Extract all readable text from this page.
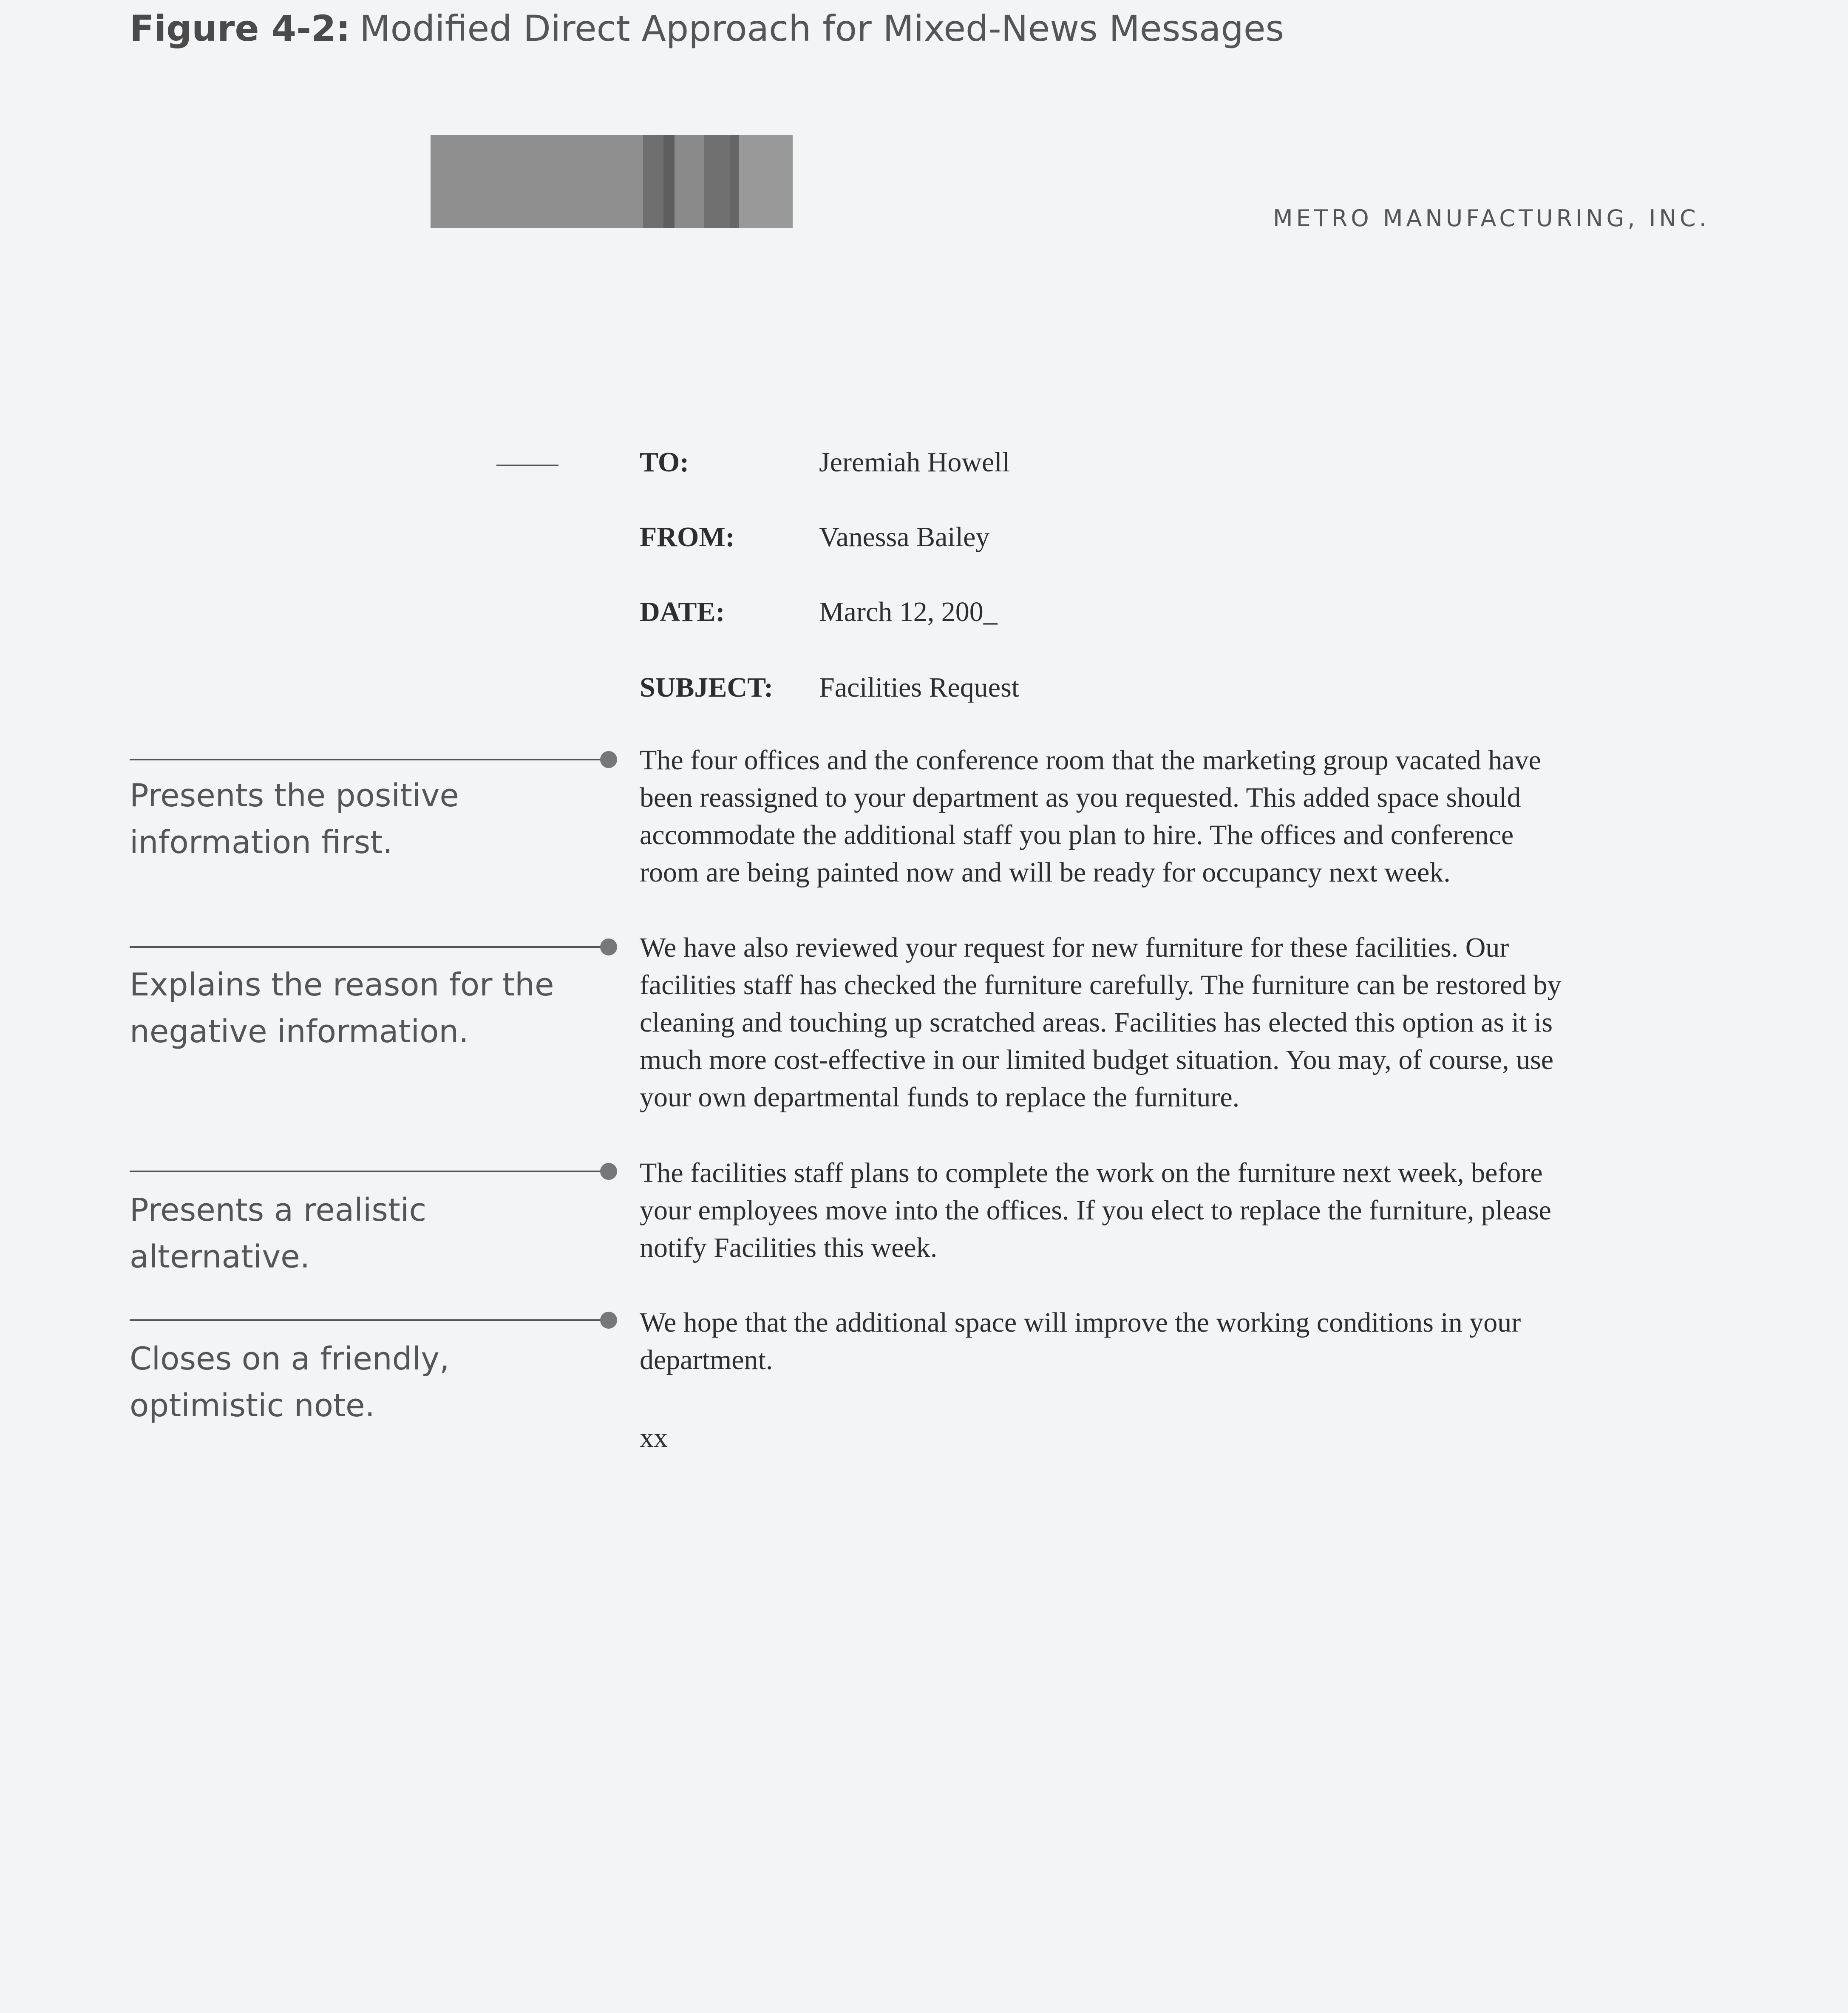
Figure 4-2: Modified Direct Approach for Mixed-News Messages
METRO MANUFACTURING, INC.
TO:	Jeremiah Howell
FROM:	Vanessa Bailey
DATE:	March 12, 200_
SUBJECT: Facilities Request
The four offices and the conference room that the marketing group vacated have
been reassigned to your department as you requested. This added space should
accommodate the additional staff you plan to hire. The offices and conference
room are being painted now and will be ready for occupancy next week.
We have also reviewed your request for new furniture for these facilities. Our
facilities staff has checked the furniture carefully. The furniture can be restored by
cleaning and touching up scratched areas. Facilities has elected this option as it is
much more cost-effective in our limited budget situation. You may, of course, use
your own departmental funds to replace the furniture.
The facilities staff plans to complete the work on the furniture next week, before
your employees move into the offices. If you elect to replace the furniture, please
notify Facilities this week.
We hope that the additional space will improve the working conditions in your
department.
xx
Presents the positive
information first.
Explains the reason for the
negative information.
Presents a realistic
alternative.
Closes on a friendly,
optimistic note.
